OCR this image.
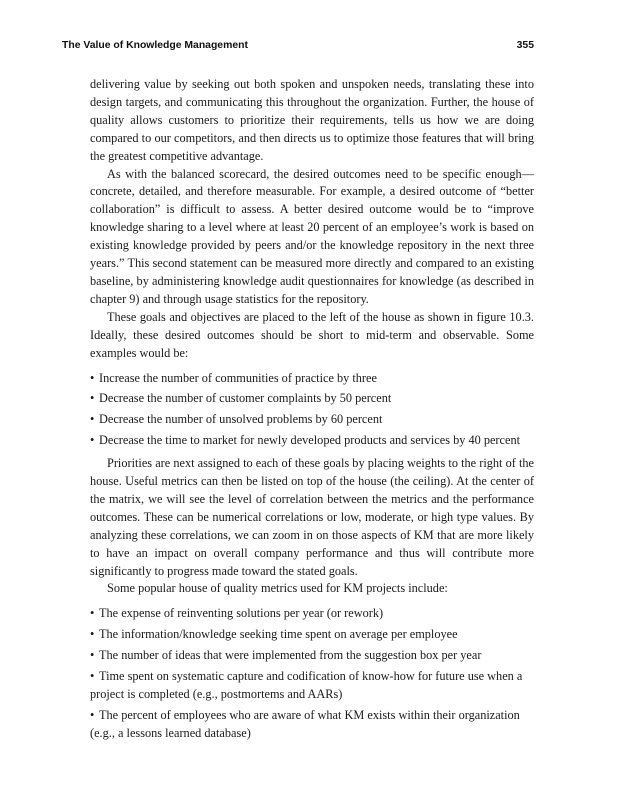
The Value of Knowledge Management	355

delivering value by seeking out both spoken and unspoken needs, translating these into design targets, and communicating this throughout the organization. Further, the house of quality allows customers to prioritize their requirements, tells us how we are doing compared to our competitors, and then directs us to optimize those features that will bring the greatest competitive advantage.

As with the balanced scorecard, the desired outcomes need to be specific enough—concrete, detailed, and therefore measurable. For example, a desired outcome of “better collaboration” is difficult to assess. A better desired outcome would be to “improve knowledge sharing to a level where at least 20 percent of an employee’s work is based on existing knowledge provided by peers and/or the knowledge repository in the next three years.” This second statement can be measured more directly and compared to an existing baseline, by administering knowledge audit questionnaires for knowledge (as described in chapter 9) and through usage statistics for the repository.

These goals and objectives are placed to the left of the house as shown in figure 10.3. Ideally, these desired outcomes should be short to mid-term and observable. Some examples would be:

• Increase the number of communities of practice by three
• Decrease the number of customer complaints by 50 percent
• Decrease the number of unsolved problems by 60 percent
• Decrease the time to market for newly developed products and services by 40 percent

Priorities are next assigned to each of these goals by placing weights to the right of the house. Useful metrics can then be listed on top of the house (the ceiling). At the center of the matrix, we will see the level of correlation between the metrics and the performance outcomes. These can be numerical correlations or low, moderate, or high type values. By analyzing these correlations, we can zoom in on those aspects of KM that are more likely to have an impact on overall company performance and thus will contribute more significantly to progress made toward the stated goals.

Some popular house of quality metrics used for KM projects include:

• The expense of reinventing solutions per year (or rework)
• The information/knowledge seeking time spent on average per employee
• The number of ideas that were implemented from the suggestion box per year
• Time spent on systematic capture and codification of know-how for future use when a project is completed (e.g., postmortems and AARs)
• The percent of employees who are aware of what KM exists within their organization (e.g., a lessons learned database)
